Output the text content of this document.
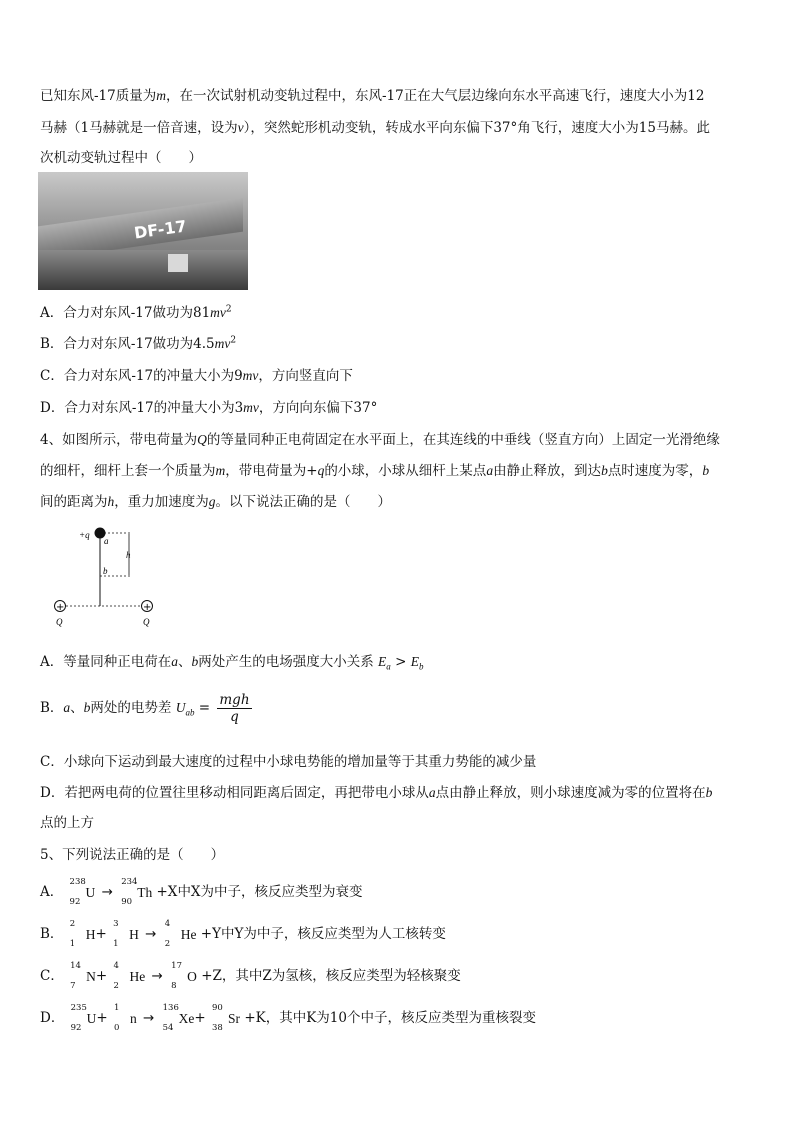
已知东风-17质量为m，在一次试射机动变轨过程中，东风-17正在大气层边缘向东水平高速飞行，速度大小为12
马赫（1马赫就是一倍音速，设为v），突然蛇形机动变轨，转成水平向东偏下37°角飞行，速度大小为15马赫。此
次机动变轨过程中（　　）
DF-17
A．合力对东风-17做功为$81mv^2$
B．合力对东风-17做功为$4.5mv^2$
C．合力对东风-17的冲量大小为9mv，方向竖直向下
D．合力对东风-17的冲量大小为3mv，方向向东偏下37°
4、如图所示，带电荷量为Q的等量同种正电荷固定在水平面上，在其连线的中垂线（竖直方向）上固定一光滑绝缘
的细杆，细杆上套一个质量为m，带电荷量为+q的小球，小球从细杆上某点a由静止释放，到达b点时速度为零，b
间的距离为h，重力加速度为g。以下说法正确的是（　　）
+q
a
h
b
+	+
Q	Q
A．等量同种正电荷在a、b两处产生的电场强度大小关系 $E_a > E_b$
B．a、b两处的电势差 $U_{ab} = \frac{\text{mgh}}{q}$
C．小球向下运动到最大速度的过程中小球电势能的增加量等于其重力势能的减少量
D．若把两电荷的位置往里移动相同距离后固定，再把带电小球从a点由静止释放，则小球速度减为零的位置将在b
点的上方
5、下列说法正确的是（　　）
A．
238
92
U →
234
90
Th +X中X为中子，核反应类型为衰变
B．
2
1
H+
3
1
H →
4
2
He +Y中Y为中子，核反应类型为人工核转变
C．
14
7
N+
4
2
He →
17
8
O +Z，其中Z为氢核，核反应类型为轻核聚变
D．
235
92
U+
1
0
n →
136
54
Xe+
90
38
Sr +K，其中K为10个中子，核反应类型为重核裂变
